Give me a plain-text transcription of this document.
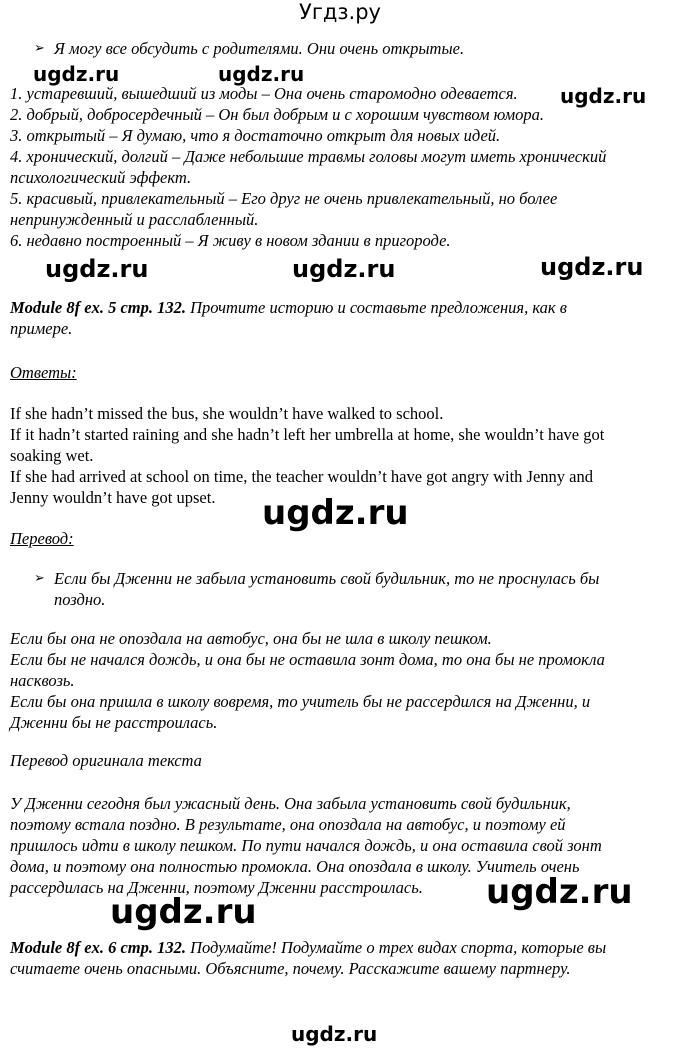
Угдз.ру
➢ Я могу все обсудить с родителями. Они очень открытые.
1. устаревший, вышедший из моды – Она очень старомодно одевается.
2. добрый, добросердечный – Он был добрым и с хорошим чувством юмора.
3. открытый – Я думаю, что я достаточно открыт для новых идей.
4. хронический, долгий – Даже небольшие травмы головы могут иметь хронический
психологический эффект.
5. красивый, привлекательный – Его друг не очень привлекательный, но более
непринужденный и расслабленный.
6. недавно построенный – Я живу в новом здании в пригороде.
Module 8f ex. 5 стр. 132. Прочтите историю и составьте предложения, как в
примере.
Ответы:
If she hadn’t missed the bus, she wouldn’t have walked to school.
If it hadn’t started raining and she hadn’t left her umbrella at home, she wouldn’t have got
soaking wet.
If she had arrived at school on time, the teacher wouldn’t have got angry with Jenny and
Jenny wouldn’t have got upset.
Перевод:
➢ Если бы Дженни не забыла установить свой будильник, то не проснулась бы
поздно.
Если бы она не опоздала на автобус, она бы не шла в школу пешком.
Если бы не начался дождь, и она бы не оставила зонт дома, то она бы не промокла
насквозь.
Если бы она пришла в школу вовремя, то учитель бы не рассердился на Дженни, и
Дженни бы не расстроилась.
Перевод оригинала текста
У Дженни сегодня был ужасный день. Она забыла установить свой будильник,
поэтому встала поздно. В результате, она опоздала на автобус, и поэтому ей
пришлось идти в школу пешком. По пути начался дождь, и она оставила свой зонт
дома, и поэтому она полностью промокла. Она опоздала в школу. Учитель очень
рассердилась на Дженни, поэтому Дженни расстроилась.
Module 8f ex. 6 стр. 132. Подумайте! Подумайте о трех видах спорта, которые вы
считаете очень опасными. Объясните, почему. Расскажите вашему партнеру.
ugdz.ru	ugdz.ru
ugdz.ru
ugdz.ru	ugdz.ru	ugdz.ru
ugdz.ru
ugdz.ru
ugdz.ru
ugdz.ru
